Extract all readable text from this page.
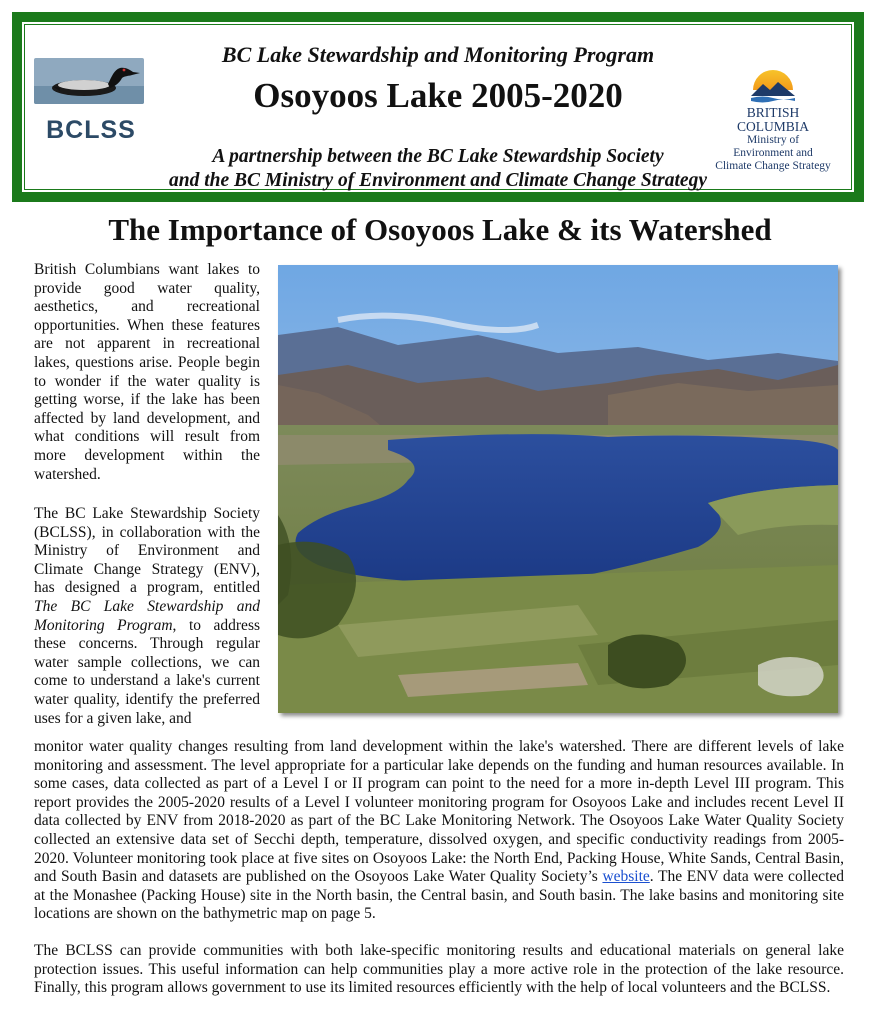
BCLSS
BC Lake Stewardship and Monitoring Program
Osoyoos Lake 2005-2020
A partnership between the BC Lake Stewardship Society
and the BC Ministry of Environment and Climate Change Strategy
BRITISH
COLUMBIA
Ministry of
Environment and
Climate Change Strategy
The Importance of Osoyoos Lake & its Watershed
British Columbians want lakes to provide good water quality, aesthetics, and recreational opportunities. When these features are not apparent in recreational lakes, questions arise. People begin to wonder if the water quality is getting worse, if the lake has been affected by land development, and what conditions will result from more development within the watershed.
The BC Lake Stewardship Society (BCLSS), in collaboration with the Ministry of Environment and Climate Change Strategy (ENV), has designed a program, entitled The BC Lake Stewardship and Monitoring Program, to address these concerns. Through regular water sample collections, we can come to understand a lake's current water quality, identify the preferred uses for a given lake, and
monitor water quality changes resulting from land development within the lake's watershed. There are different levels of lake monitoring and assessment. The level appropriate for a particular lake depends on the funding and human resources available. In some cases, data collected as part of a Level I or II program can point to the need for a more in-depth Level III program. This report provides the 2005-2020 results of a Level I volunteer monitoring program for Osoyoos Lake and includes recent Level II data collected by ENV from 2018-2020 as part of the BC Lake Monitoring Network. The Osoyoos Lake Water Quality Society collected an extensive data set of Secchi depth, temperature, dissolved oxygen, and specific conductivity readings from 2005-2020. Volunteer monitoring took place at five sites on Osoyoos Lake: the North End, Packing House, White Sands, Central Basin, and South Basin and datasets are published on the Osoyoos Lake Water Quality Society’s website. The ENV data were collected at the Monashee (Packing House) site in the North basin, the Central basin, and South basin. The lake basins and monitoring site locations are shown on the bathymetric map on page 5.
The BCLSS can provide communities with both lake-specific monitoring results and educational materials on general lake protection issues. This useful information can help communities play a more active role in the protection of the lake resource. Finally, this program allows government to use its limited resources efficiently with the help of local volunteers and the BCLSS.
